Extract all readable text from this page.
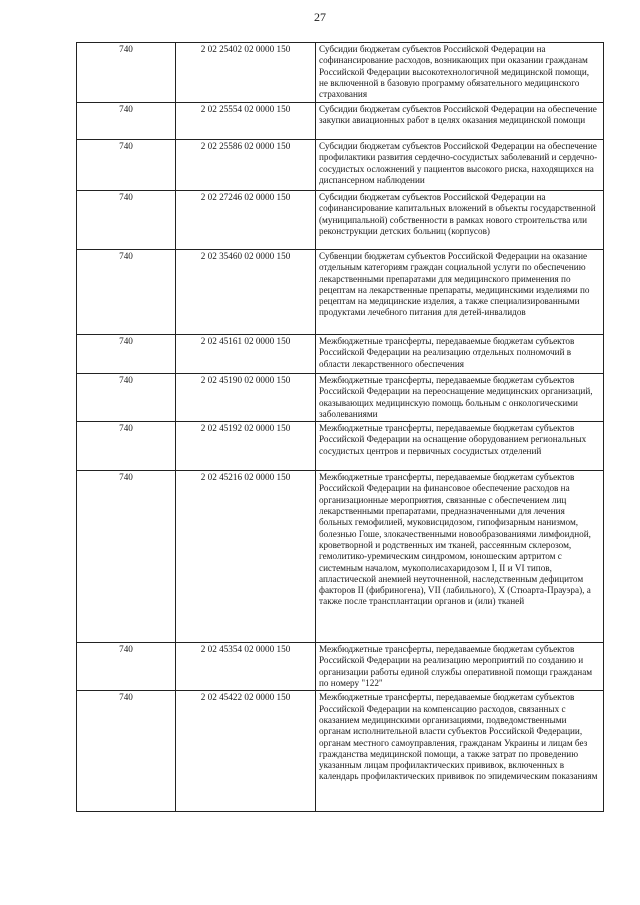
27
740	2 02 25402 02 0000 150	Субсидии бюджетам субъектов Российской Федерации на софинансирование расходов, возникающих при оказании гражданам Российской Федерации высокотехнологичной медицинской помощи, не включенной в базовую программу обязательного медицинского страхования
740	2 02 25554 02 0000 150	Субсидии бюджетам субъектов Российской Федерации на обеспечение закупки авиационных работ в целях оказания медицинской помощи
740	2 02 25586 02 0000 150	Субсидии бюджетам субъектов Российской Федерации на обеспечение профилактики развития сердечно-сосудистых заболеваний и сердечно-сосудистых осложнений у пациентов высокого риска, находящихся на диспансерном наблюдении
740	2 02 27246 02 0000 150	Субсидии бюджетам субъектов Российской Федерации на софинансирование капитальных вложений в объекты государственной (муниципальной) собственности в рамках нового строительства или реконструкции детских больниц (корпусов)
740	2 02 35460 02 0000 150	Субвенции бюджетам субъектов Российской Федерации на оказание отдельным категориям граждан социальной услуги по обеспечению лекарственными препаратами для медицинского применения по рецептам на лекарственные препараты, медицинскими изделиями по рецептам на медицинские изделия, а также специализированными продуктами лечебного питания для детей-инвалидов
740	2 02 45161 02 0000 150	Межбюджетные трансферты, передаваемые бюджетам субъектов Российской Федерации на реализацию отдельных полномочий в области лекарственного обеспечения
740	2 02 45190 02 0000 150	Межбюджетные трансферты, передаваемые бюджетам субъектов Российской Федерации на переоснащение медицинских организаций, оказывающих медицинскую помощь больным с онкологическими заболеваниями
740	2 02 45192 02 0000 150	Межбюджетные трансферты, передаваемые бюджетам субъектов Российской Федерации на оснащение оборудованием региональных сосудистых центров и первичных сосудистых отделений
740	2 02 45216 02 0000 150	Межбюджетные трансферты, передаваемые бюджетам субъектов Российской Федерации на финансовое обеспечение расходов на организационные мероприятия, связанные с обеспечением лиц лекарственными препаратами, предназначенными для лечения больных гемофилией, муковисцидозом, гипофизарным нанизмом, болезнью Гоше, злокачественными новообразованиями лимфоидной, кроветворной и родственных им тканей, рассеянным склерозом, гемолитико-уремическим синдромом, юношеским артритом с системным началом, мукополисахаридозом I, II и VI типов, апластической анемией неуточненной, наследственным дефицитом факторов II (фибриногена), VII (лабильного), X (Стюарта-Прауэра), а также после трансплантации органов и (или) тканей
740	2 02 45354 02 0000 150	Межбюджетные трансферты, передаваемые бюджетам субъектов Российской Федерации на реализацию мероприятий по созданию и организации работы единой службы оперативной помощи гражданам по номеру "122"
740	2 02 45422 02 0000 150	Межбюджетные трансферты, передаваемые бюджетам субъектов Российской Федерации на компенсацию расходов, связанных с оказанием медицинскими организациями, подведомственными органам исполнительной власти субъектов Российской Федерации, органам местного самоуправления, гражданам Украины и лицам без гражданства медицинской помощи, а также затрат по проведению указанным лицам профилактических прививок, включенных в календарь профилактических прививок по эпидемическим показаниям
